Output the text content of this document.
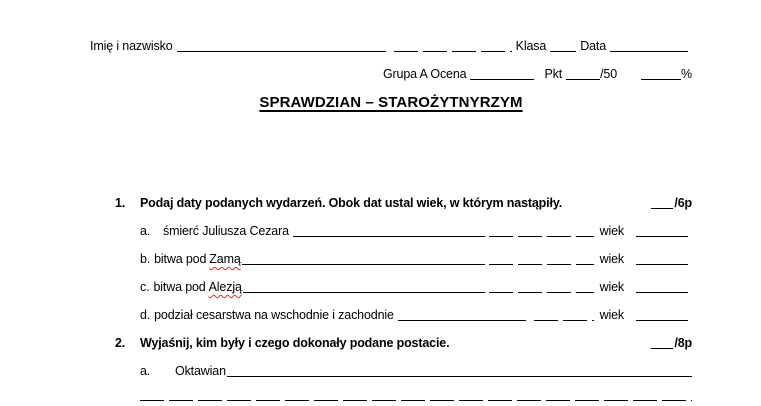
Imię i nazwisko	Klasa	Data
Grupa A Ocena	Pkt	/50	%
SPRAWDZIAN – STAROŻYTNYRZYM
1.	Podaj daty podanych wydarzeń. Obok dat ustal wiek, w którym nastąpiły.	/6p
a.	śmierć Juliusza Cezara	wiek
b. bitwa pod Zamą	wiek
c. bitwa pod Alezją	wiek
d. podział cesarstwa na wschodnie i zachodnie	wiek
2.	Wyjaśnij, kim były i czego dokonały podane postacie.	/8p
a.	Oktawian
